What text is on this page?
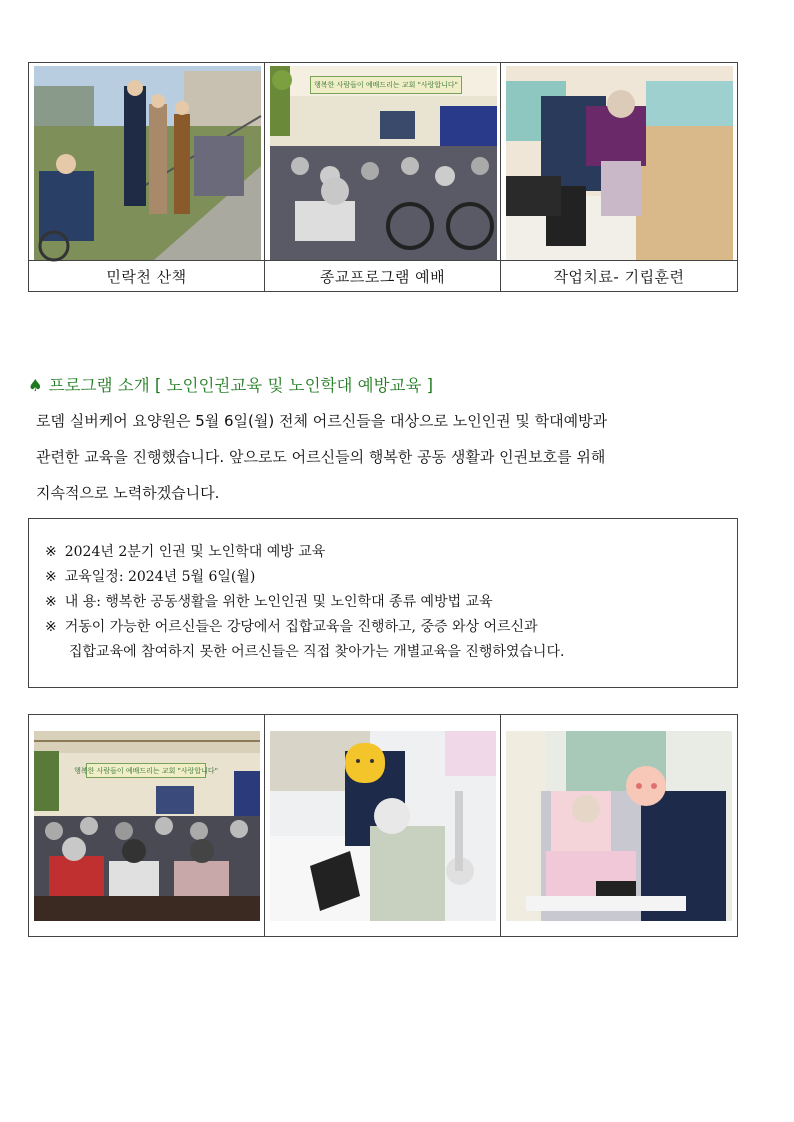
민락천 산책
행복한 사람들이 예배드리는 교회 "사랑합니다"
종교프로그램 예배	작업치료- 기립훈련
♠ 프로그램 소개 [ 노인인권교육 및 노인학대 예방교육 ]
로뎀 실버케어 요양원은 5월 6일(월) 전체 어르신들을 대상으로 노인인권 및 학대예방과
관련한 교육을 진행했습니다. 앞으로도 어르신들의 행복한 공동 생활과 인권보호를 위해
지속적으로 노력하겠습니다.
※ 2024년 2분기 인권 및 노인학대 예방 교육
※ 교육일정: 2024년 5월 6일(월)
※ 내 용: 행복한 공동생활을 위한 노인인권 및 노인학대 종류 예방법 교육
※ 거동이 가능한 어르신들은 강당에서 집합교육을 진행하고, 중증 와상 어르신과
집합교육에 참여하지 못한 어르신들은 직접 찾아가는 개별교육을 진행하였습니다.
행복한 사람들이 예배드리는 교회 "사랑합니다"
